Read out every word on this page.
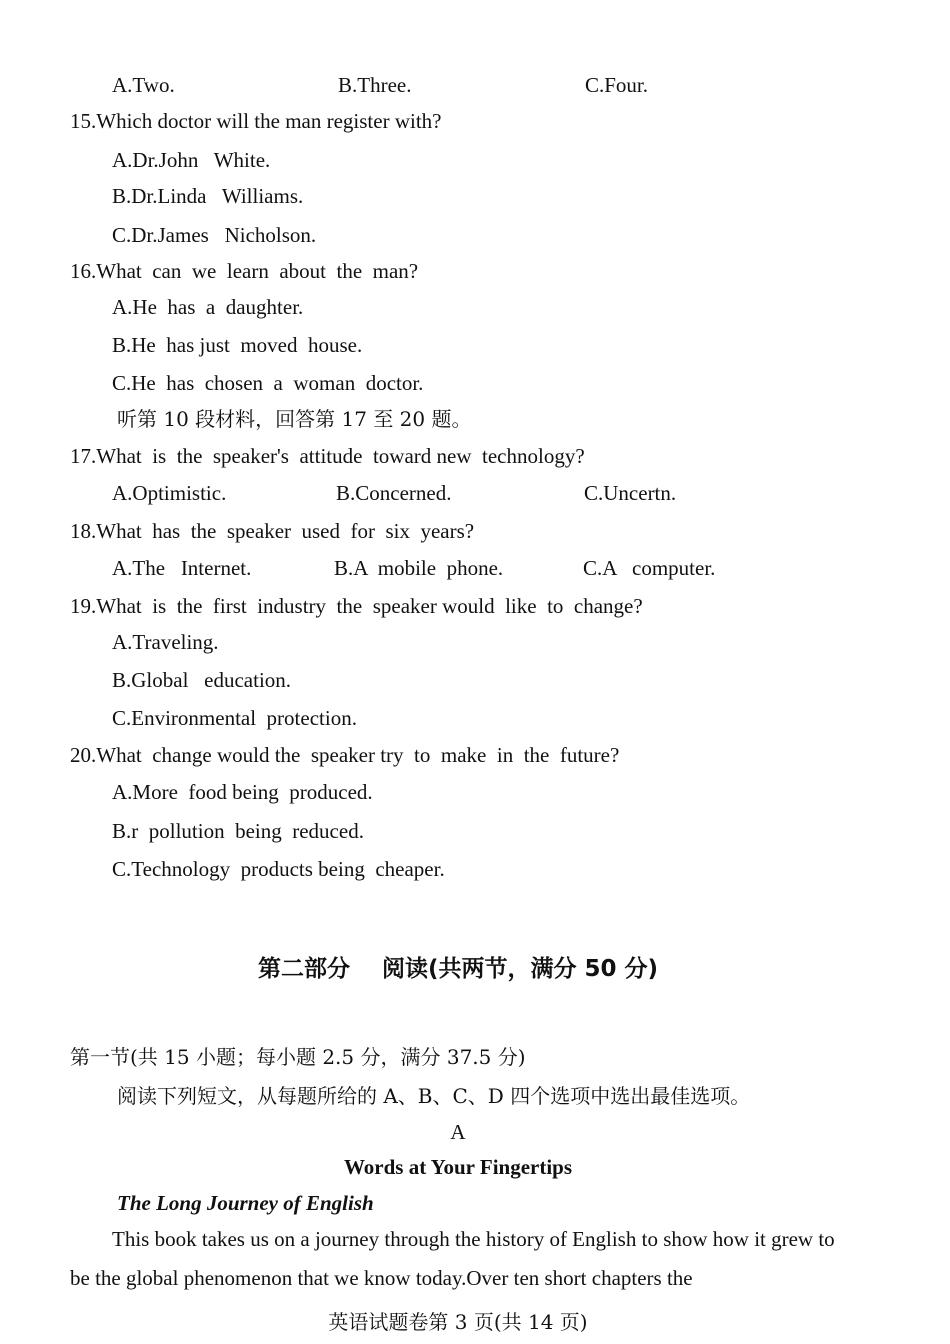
A.Two.	B.Three.	C.Four.
15.Which doctor will the man register with?
A.Dr.John   White.
B.Dr.Linda   Williams.
C.Dr.James   Nicholson.
16.What  can  we  learn  about  the  man?
A.He  has  a  daughter.
B.He  has just  moved  house.
C.He  has  chosen  a  woman  doctor.
听第 10 段材料，回答第 17 至 20 题。
17.What  is  the  speaker's  attitude  toward new  technology?
A.Optimistic.	B.Concerned.	C.Uncertn.
18.What  has  the  speaker  used  for  six  years?
A.The   Internet.	B.A  mobile  phone.	C.A   computer.
19.What  is  the  first  industry  the  speaker would  like  to  change?
A.Traveling.
B.Global   education.
C.Environmental  protection.
20.What  change would the  speaker try  to  make  in  the  future?
A.More  food being  produced.
B.r  pollution  being  reduced.
C.Technology  products being  cheaper.
第二部分    阅读(共两节，满分 50 分)
第一节(共 15 小题；每小题 2.5 分，满分 37.5 分)
阅读下列短文，从每题所给的 A、B、C、D 四个选项中选出最佳选项。
A
Words at Your Fingertips
The Long Journey of English
This book takes us on a journey through the history of English to show how it grew to be the global phenomenon that we know today.Over ten short chapters the
英语试题卷第 3 页(共 14 页)
